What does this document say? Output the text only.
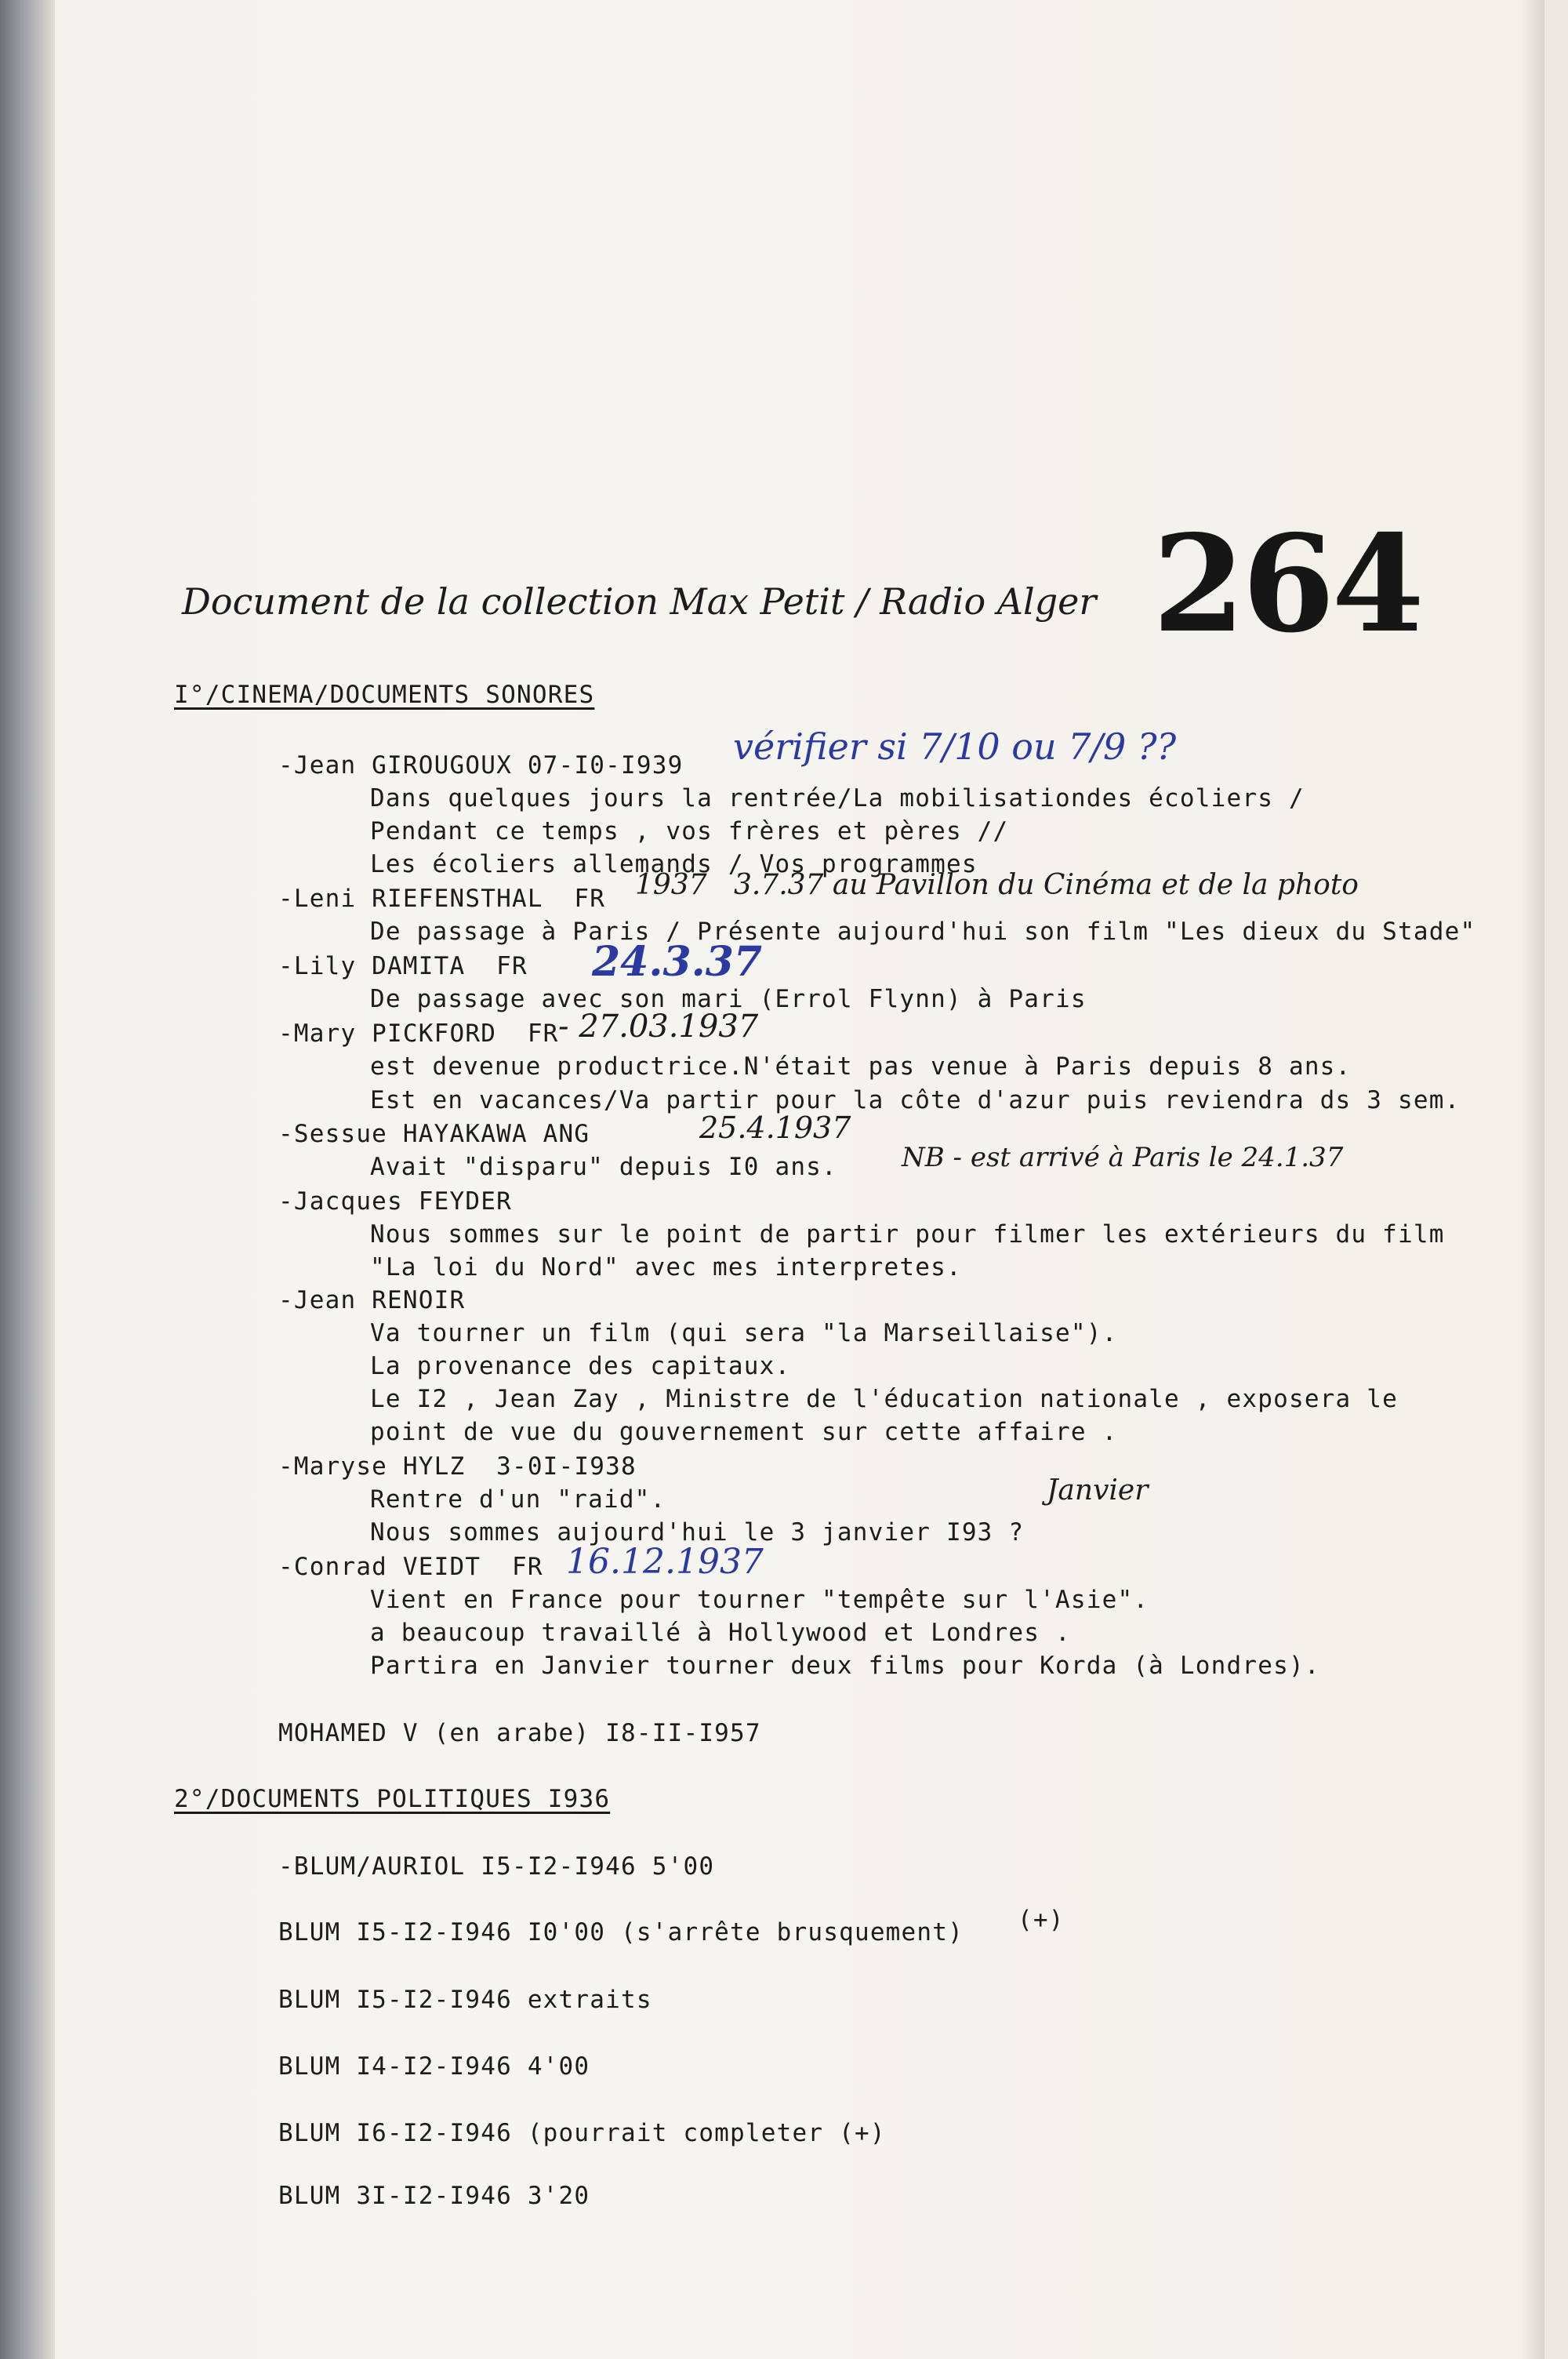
Document de la collection Max Petit / Radio Alger 264
I°/CINEMA/DOCUMENTS SONORES
-Jean GIROUGOUX 07-I0-I939 vérifier si 7/10 ou 7/9 ??
Dans quelques jours la rentrée/La mobilisationdes écoliers /
Pendant ce temps , vos frères et pères //
Les écoliers allemands / Vos programmes
-Leni RIEFENSTHAL  FR 1937   3.7.37 au Pavillon du Cinéma et de la photo
De passage à Paris / Présente aujourd'hui son film "Les dieux du Stade"
-Lily DAMITA  FR 24.3.37
De passage avec son mari (Errol Flynn) à Paris
-Mary PICKFORD  FR - 27.03.1937
est devenue productrice.N'était pas venue à Paris depuis 8 ans.
Est en vacances/Va partir pour la côte d'azur puis reviendra ds 3 sem.
-Sessue HAYAKAWA ANG	25.4.1937
Avait "disparu" depuis I0 ans. NB - est arrivé à Paris le 24.1.37
-Jacques FEYDER
Nous sommes sur le point de partir pour filmer les extérieurs du film
"La loi du Nord" avec mes interpretes.
-Jean RENOIR
Va tourner un film (qui sera "la Marseillaise").
La provenance des capitaux.
Le I2 , Jean Zay , Ministre de l'éducation nationale , exposera le
point de vue du gouvernement sur cette affaire .
-Maryse HYLZ  3-0I-I938
Rentre d'un "raid".
Nous sommes aujourd'hui le 3 janvier I93 ?
Janvier
-Conrad VEIDT  FR 16.12.1937
Vient en France pour tourner "tempête sur l'Asie".
a beaucoup travaillé à Hollywood et Londres .
Partira en Janvier tourner deux films pour Korda (à Londres).
MOHAMED V (en arabe) I8-II-I957
2°/DOCUMENTS POLITIQUES I936
-BLUM/AURIOL I5-I2-I946 5'00
BLUM I5-I2-I946 I0'00 (s'arrête brusquement) (+)
BLUM I5-I2-I946 extraits
BLUM I4-I2-I946 4'00
BLUM I6-I2-I946 (pourrait completer (+)
BLUM 3I-I2-I946 3'20
